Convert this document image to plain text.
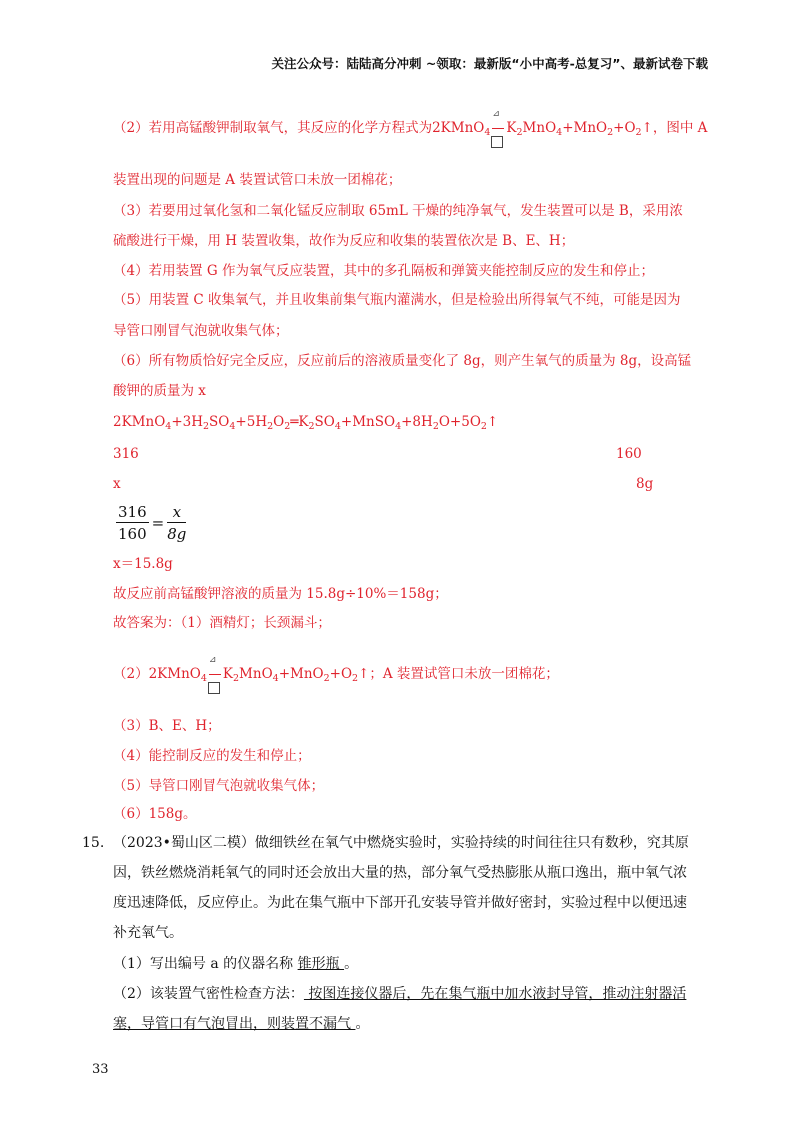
关注公众号：陆陆高分冲刺 ~领取：最新版“小中高考-总复习”、最新试卷下载
（2）若用高锰酸钾制取氧气，其反应的化学方程式为2KMnO$_4$
⊿
$K_2MnO_4+MnO_2+O_2↑$，图中 A
装置出现的问题是 A 装置试管口未放一团棉花；
（3）若要用过氧化氢和二氧化锰反应制取 65mL 干燥的纯净氧气，发生装置可以是 B，采用浓
硫酸进行干燥，用 H 装置收集，故作为反应和收集的装置依次是 B、E、H；
（4）若用装置 G 作为氧气反应装置，其中的多孔隔板和弹簧夹能控制反应的发生和停止；
（5）用装置 C 收集氧气，并且收集前集气瓶内灌满水，但是检验出所得氧气不纯，可能是因为
导管口刚冒气泡就收集气体；
（6）所有物质恰好完全反应，反应前后的溶液质量变化了 8g，则产生氧气的质量为 8g，设高锰
酸钾的质量为 x
$2KMnO_4+3H_2SO_4+5H_2O_2═K_2SO_4+MnSO_4+8H_2O+5O_2↑$
316	160
x	8g
$\frac{316}{160} = \frac{x}{8g}$
x＝15.8g
故反应前高锰酸钾溶液的质量为 15.8g÷10%＝158g；
故答案为：（1）酒精灯；长颈漏斗；
（2）2KMnO$_4$
⊿
$K_2MnO_4+MnO_2+O_2↑$；A 装置试管口未放一团棉花；
（3）B、E、H；
（4）能控制反应的发生和停止；
（5）导管口刚冒气泡就收集气体；
（6）158g。
15. （2023•蜀山区二模）做细铁丝在氧气中燃烧实验时，实验持续的时间往往只有数秒，究其原
因，铁丝燃烧消耗氧气的同时还会放出大量的热，部分氧气受热膨胀从瓶口逸出，瓶中氧气浓
度迅速降低，反应停止。为此在集气瓶中下部开孔安装导管并做好密封，实验过程中以便迅速
补充氧气。
（1）写出编号 a 的仪器名称 锥形瓶 。
（2）该装置气密性检查方法： 按图连接仪器后，先在集气瓶中加水液封导管，推动注射器活
塞，导管口有气泡冒出，则装置不漏气 。
33
